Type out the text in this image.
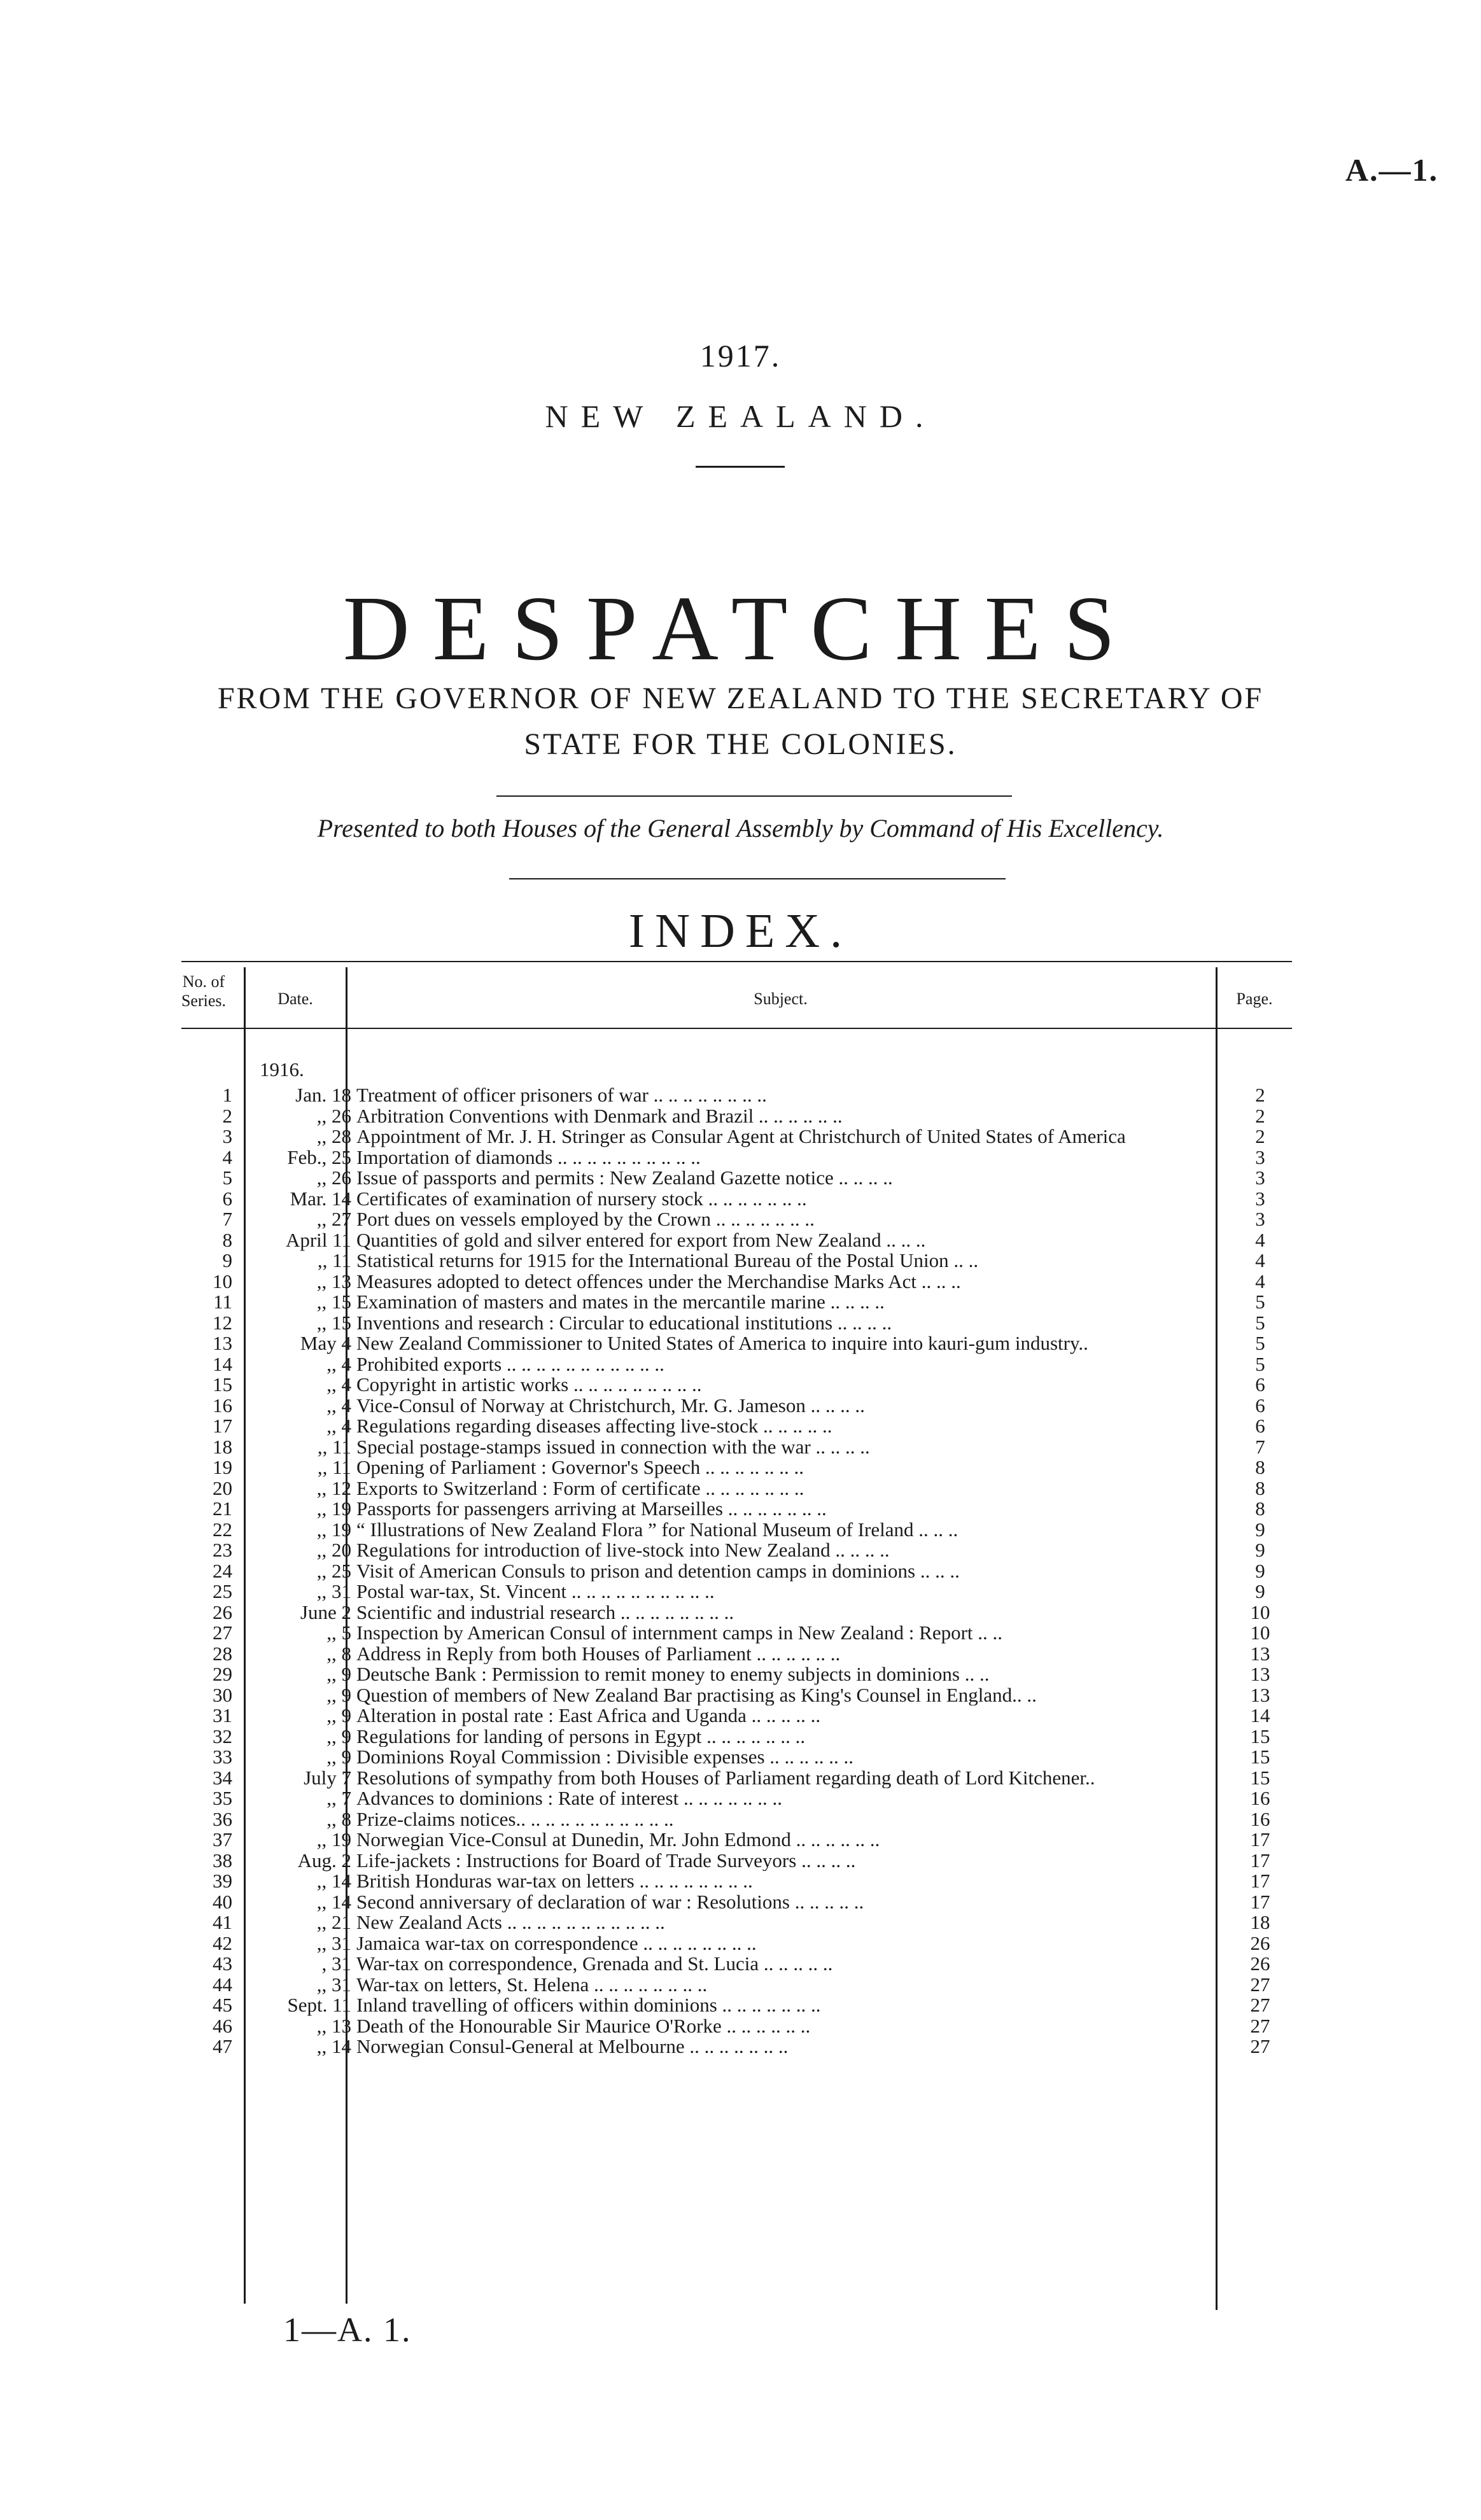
A.—1.
1917.
NEW ZEALAND.
DESPATCHES
FROM THE GOVERNOR OF NEW ZEALAND TO THE SECRETARY OF
STATE FOR THE COLONIES.
Presented to both Houses of the General Assembly by Command of His Excellency.
INDEX.
No. of Series.	Date.	Subject.	Page.
1916.
1	Jan. 18 Treatment of officer prisoners of war .. .. .. .. .. .. .. ..	2
2	,, 26 Arbitration Conventions with Denmark and Brazil .. .. .. .. .. ..	2
3	,, 28 Appointment of Mr. J. H. Stringer as Consular Agent at Christchurch of United States of America	2
4	Feb., 25 Importation of diamonds .. .. .. .. .. .. .. .. .. ..	3
5	,, 26 Issue of passports and permits : New Zealand Gazette notice .. .. .. ..	3
6	Mar. 14 Certificates of examination of nursery stock .. .. .. .. .. .. ..	3
7	,, 27 Port dues on vessels employed by the Crown .. .. .. .. .. .. ..	3
8	April 11 Quantities of gold and silver entered for export from New Zealand .. .. ..	4
9	,, 11 Statistical returns for 1915 for the International Bureau of the Postal Union .. ..	4
10	,, 13 Measures adopted to detect offences under the Merchandise Marks Act .. .. ..	4
11	,, 15 Examination of masters and mates in the mercantile marine .. .. .. ..	5
12	,, 15 Inventions and research : Circular to educational institutions .. .. .. ..	5
13	May 4 New Zealand Commissioner to United States of America to inquire into kauri-gum industry..	5
14	,, 4 Prohibited exports .. .. .. .. .. .. .. .. .. .. ..	5
15	,, 4 Copyright in artistic works .. .. .. .. .. .. .. .. ..	6
16	,, 4 Vice-Consul of Norway at Christchurch, Mr. G. Jameson .. .. .. ..	6
17	,, 4 Regulations regarding diseases affecting live-stock .. .. .. .. ..	6
18	,, 11 Special postage-stamps issued in connection with the war .. .. .. ..	7
19	,, 11 Opening of Parliament : Governor's Speech .. .. .. .. .. .. ..	8
20	,, 12 Exports to Switzerland : Form of certificate .. .. .. .. .. .. ..	8
21	,, 19 Passports for passengers arriving at Marseilles .. .. .. .. .. .. ..	8
22	,, 19 “ Illustrations of New Zealand Flora ” for National Museum of Ireland .. .. ..	9
23	,, 20 Regulations for introduction of live-stock into New Zealand .. .. .. ..	9
24	,, 25 Visit of American Consuls to prison and detention camps in dominions .. .. ..	9
25	,, 31 Postal war-tax, St. Vincent .. .. .. .. .. .. .. .. .. ..	9
26	June 2 Scientific and industrial research .. .. .. .. .. .. .. ..	10
27	,, 5 Inspection by American Consul of internment camps in New Zealand : Report .. ..	10
28	,, 8 Address in Reply from both Houses of Parliament .. .. .. .. .. ..	13
29	,, 9 Deutsche Bank : Permission to remit money to enemy subjects in dominions .. ..	13
30	,, 9 Question of members of New Zealand Bar practising as King's Counsel in England.. ..	13
31	,, 9 Alteration in postal rate : East Africa and Uganda .. .. .. .. ..	14
32	,, 9 Regulations for landing of persons in Egypt .. .. .. .. .. .. ..	15
33	,, 9 Dominions Royal Commission : Divisible expenses .. .. .. .. .. ..	15
34	July 7 Resolutions of sympathy from both Houses of Parliament regarding death of Lord Kitchener..	15
35	,, 7 Advances to dominions : Rate of interest .. .. .. .. .. .. ..	16
36	,, 8 Prize-claims notices.. .. .. .. .. .. .. .. .. .. ..	16
37	,, 19 Norwegian Vice-Consul at Dunedin, Mr. John Edmond .. .. .. .. .. ..	17
38	Aug. 2 Life-jackets : Instructions for Board of Trade Surveyors .. .. .. ..	17
39	,, 14 British Honduras war-tax on letters .. .. .. .. .. .. .. ..	17
40	,, 14 Second anniversary of declaration of war : Resolutions .. .. .. .. ..	17
41	,, 21 New Zealand Acts .. .. .. .. .. .. .. .. .. .. ..	18
42	,, 31 Jamaica war-tax on correspondence .. .. .. .. .. .. .. ..	26
43	, 31 War-tax on correspondence, Grenada and St. Lucia .. .. .. .. ..	26
44	,, 31 War-tax on letters, St. Helena .. .. .. .. .. .. .. ..	27
45	Sept. 11 Inland travelling of officers within dominions .. .. .. .. .. .. ..	27
46	,, 13 Death of the Honourable Sir Maurice O'Rorke .. .. .. .. .. ..	27
47	,, 14 Norwegian Consul-General at Melbourne .. .. .. .. .. .. ..	27
1—A. 1.
